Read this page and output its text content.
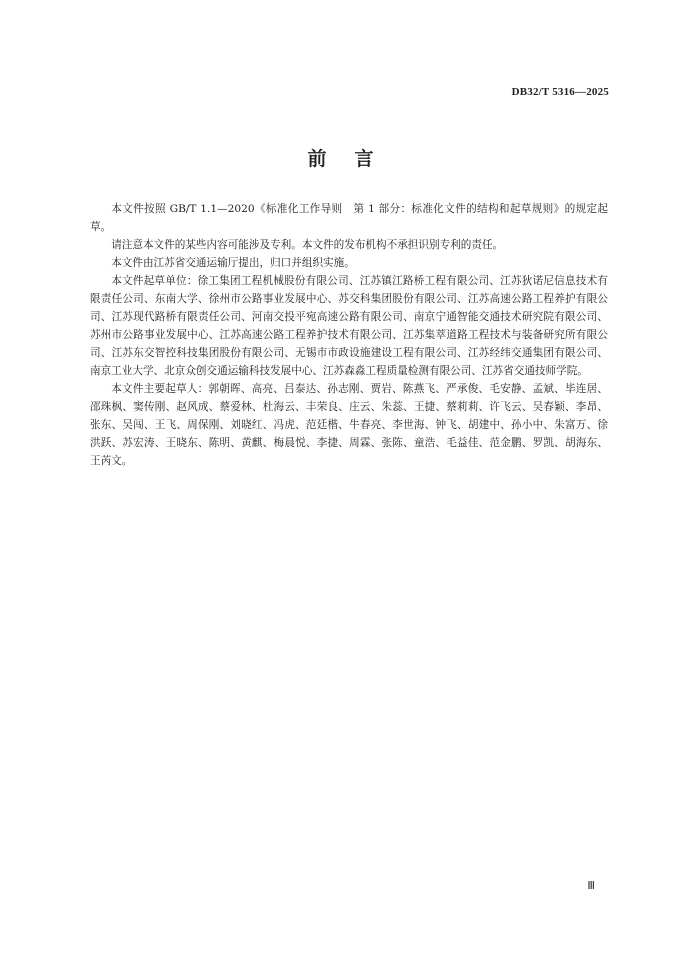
DB32/T 5316—2025
前言

本文件按照 GB/T 1.1—2020《标准化工作导则　第 1 部分：标准化文件的结构和起草规则》的规定起草。

请注意本文件的某些内容可能涉及专利。本文件的发布机构不承担识别专利的责任。

本文件由江苏省交通运输厅提出，归口并组织实施。

本文件起草单位：徐工集团工程机械股份有限公司、江苏镇江路桥工程有限公司、江苏狄诺尼信息技术有限责任公司、东南大学、徐州市公路事业发展中心、苏交科集团股份有限公司、江苏高速公路工程养护有限公司、江苏现代路桥有限责任公司、河南交投平宛高速公路有限公司、南京宁通智能交通技术研究院有限公司、苏州市公路事业发展中心、江苏高速公路工程养护技术有限公司、江苏集萃道路工程技术与装备研究所有限公司、江苏东交智控科技集团股份有限公司、无锡市市政设施建设工程有限公司、江苏经纬交通集团有限公司、南京工业大学、北京众创交通运输科技发展中心、江苏森淼工程质量检测有限公司、江苏省交通技师学院。

本文件主要起草人：郭朝晖、高亮、吕泰达、孙志刚、贾岩、陈燕飞、严承俊、毛安静、孟斌、毕连居、邵珠枫、窦传刚、赵风成、蔡爱林、杜海云、丰荣良、庄云、朱蕊、王捷、蔡莉莉、许飞云、吴春颖、李昂、张东、吴闯、王飞、周保刚、刘晓红、冯虎、范廷楷、牛春亮、李世海、钟飞、胡建中、孙小中、朱富万、徐洪跃、苏宏涛、王晓东、陈明、黄麒、梅晨悦、李捷、周霖、张陈、童浩、毛益佳、范金鹏、罗凯、胡海东、王芮文。

Ⅲ
